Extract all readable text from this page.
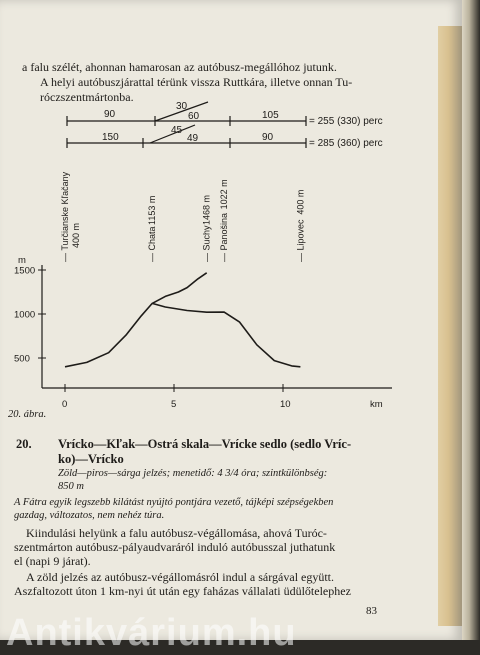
a falu szélét, ahonnan hamarosan az autóbusz-megállóhoz jutunk.
A helyi autóbuszjárattal térünk vissza Ruttkára, illetve onnan Tu-
róczszentmártonba.
90
30
60	105
= 255 (330) perc
150
45
49	90
= 285 (360) perc
m
km
1500
1000
500
0	5	10
— Turčianske Kľačany 400 m	— Chata
1153 m
— Suchy
1468 m
— Panošina
1022 m
— Lipovec
400 m
20. ábra.
20. Vrícko—Kľak—Ostrá skala—Vrícke sedlo (sedlo Vríc-
ko)—Vrícko
Zöld—piros—sárga jelzés; menetidő: 4 3/4 óra; szintkülönbség:
850 m
A Fátra egyik legszebb kilátást nyújtó pontjára vezető, tájképi szépségekben
gazdag, változatos, nem nehéz túra.
Kiindulási helyünk a falu autóbusz-végállomása, ahová Turóc-
szentmárton autóbusz-pályaudvaráról induló autóbusszal juthatunk
el (napi 9 járat).
A zöld jelzés az autóbusz-végállomásról indul a sárgával együtt.
Aszfaltozott úton 1 km-nyi út után egy faházas vállalati üdülőtelephez
83
Antikvárium.hu
